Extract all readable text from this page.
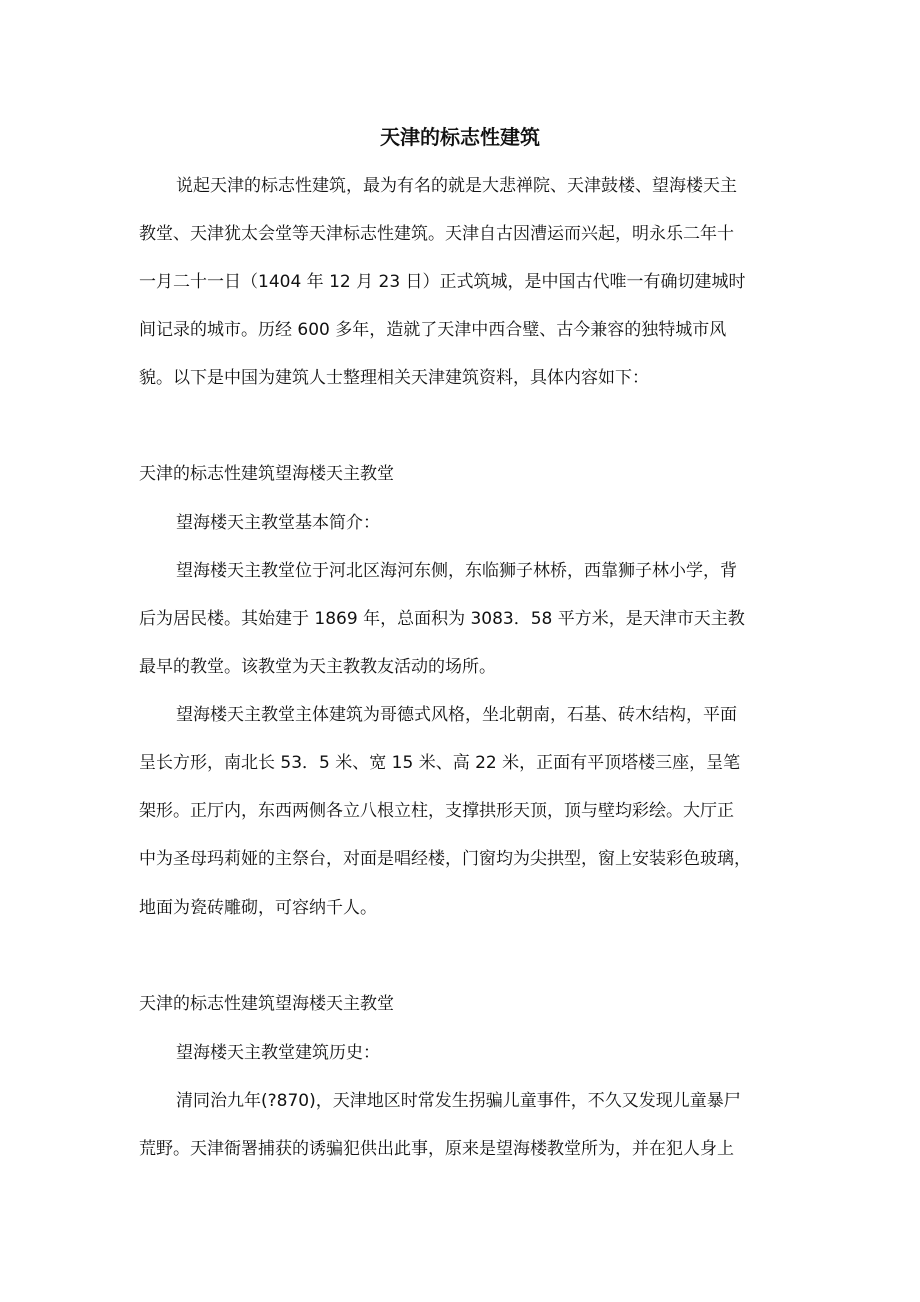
天津的标志性建筑
说起天津的标志性建筑，最为有名的就是大悲禅院、天津鼓楼、望海楼天主
教堂、天津犹太会堂等天津标志性建筑。天津自古因漕运而兴起，明永乐二年十
一月二十一日（1404 年 12 月 23 日）正式筑城，是中国古代唯一有确切建城时
间记录的城市。历经 600 多年，造就了天津中西合璧、古今兼容的独特城市风
貌。以下是中国为建筑人士整理相关天津建筑资料，具体内容如下：
天津的标志性建筑望海楼天主教堂
望海楼天主教堂基本简介：
望海楼天主教堂位于河北区海河东侧，东临狮子林桥，西靠狮子林小学，背
后为居民楼。其始建于 1869 年，总面积为 3083．58 平方米，是天津市天主教
最早的教堂。该教堂为天主教教友活动的场所。
望海楼天主教堂主体建筑为哥德式风格，坐北朝南，石基、砖木结构，平面
呈长方形，南北长 53．5 米、宽 15 米、高 22 米，正面有平顶塔楼三座，呈笔
架形。正厅内，东西两侧各立八根立柱，支撑拱形天顶，顶与壁均彩绘。大厅正
中为圣母玛莉娅的主祭台，对面是唱经楼，门窗均为尖拱型，窗上安装彩色玻璃，
地面为瓷砖雕砌，可容纳千人。
天津的标志性建筑望海楼天主教堂
望海楼天主教堂建筑历史：
清同治九年(?870)，天津地区时常发生拐骗儿童事件，不久又发现儿童暴尸
荒野。天津衙署捕获的诱骗犯供出此事，原来是望海楼教堂所为，并在犯人身上
